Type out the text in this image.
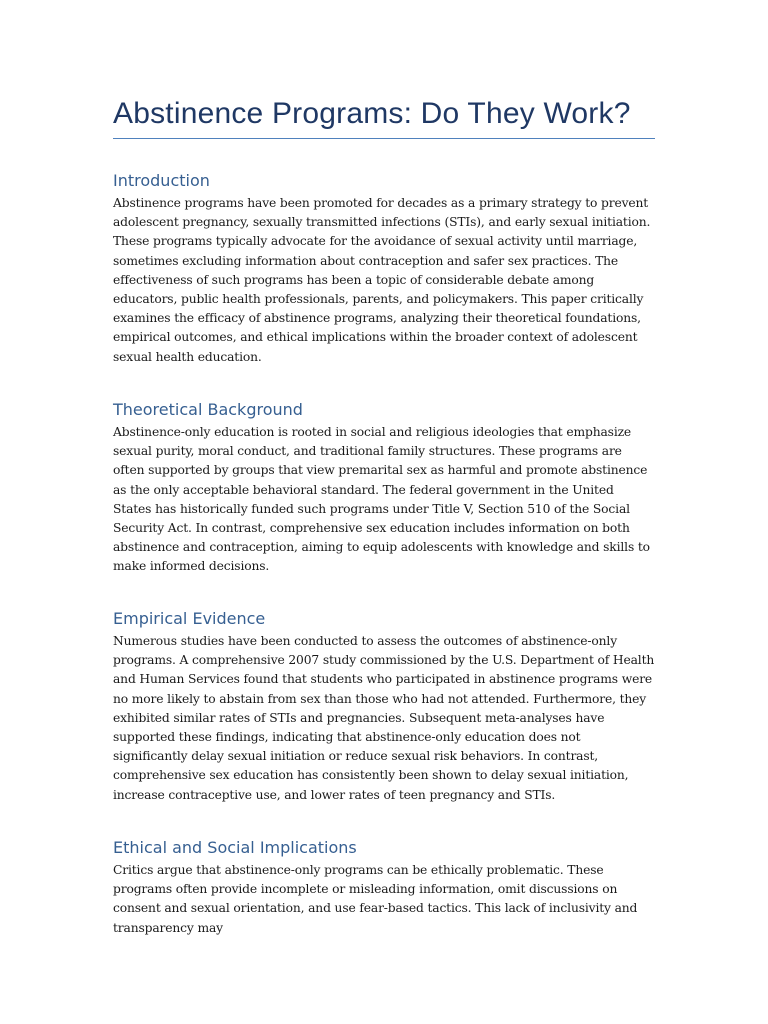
Abstinence Programs: Do They Work?
Introduction

Abstinence programs have been promoted for decades as a primary strategy to prevent adolescent pregnancy, sexually transmitted infections (STIs), and early sexual initiation. These programs typically advocate for the avoidance of sexual activity until marriage, sometimes excluding information about contraception and safer sex practices. The effectiveness of such programs has been a topic of considerable debate among educators, public health professionals, parents, and policymakers. This paper critically examines the efficacy of abstinence programs, analyzing their theoretical foundations, empirical outcomes, and ethical implications within the broader context of adolescent sexual health education.

Theoretical Background

Abstinence-only education is rooted in social and religious ideologies that emphasize sexual purity, moral conduct, and traditional family structures. These programs are often supported by groups that view premarital sex as harmful and promote abstinence as the only acceptable behavioral standard. The federal government in the United States has historically funded such programs under Title V, Section 510 of the Social Security Act. In contrast, comprehensive sex education includes information on both abstinence and contraception, aiming to equip adolescents with knowledge and skills to make informed decisions.

Empirical Evidence

Numerous studies have been conducted to assess the outcomes of abstinence-only programs. A comprehensive 2007 study commissioned by the U.S. Department of Health and Human Services found that students who participated in abstinence programs were no more likely to abstain from sex than those who had not attended. Furthermore, they exhibited similar rates of STIs and pregnancies. Subsequent meta-analyses have supported these findings, indicating that abstinence-only education does not significantly delay sexual initiation or reduce sexual risk behaviors. In contrast, comprehensive sex education has consistently been shown to delay sexual initiation, increase contraceptive use, and lower rates of teen pregnancy and STIs.

Ethical and Social Implications

Critics argue that abstinence-only programs can be ethically problematic. These programs often provide incomplete or misleading information, omit discussions on consent and sexual orientation, and use fear-based tactics. This lack of inclusivity and transparency may
